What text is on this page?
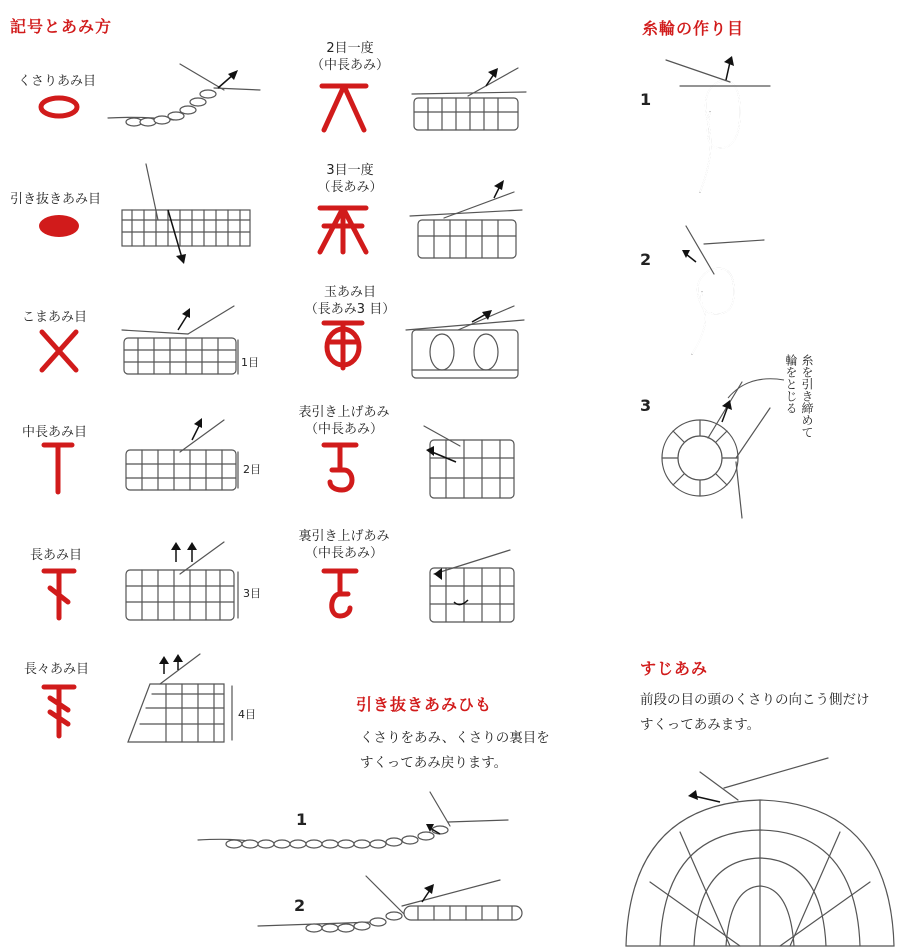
記号とあみ方	糸輪の作り目
すじあみ
引き抜きあみひも
くさりあみ目
引き抜きあみ目
こまあみ目
中長あみ目
長あみ目
長々あみ目
1目
2目
3目
4目
2目一度
（中長あみ）
3目一度
（長あみ）
玉あみ目
（長あみ3 目）
表引き上げあみ
（中長あみ）
裏引き上げあみ
（中長あみ）
1
2
3	糸を引き締めて
輪をとじる
前段の目の頭のくさりの向こう側だけ
すくってあみます。
くさりをあみ、くさりの裏目を
すくってあみ戻ります。
1
2
